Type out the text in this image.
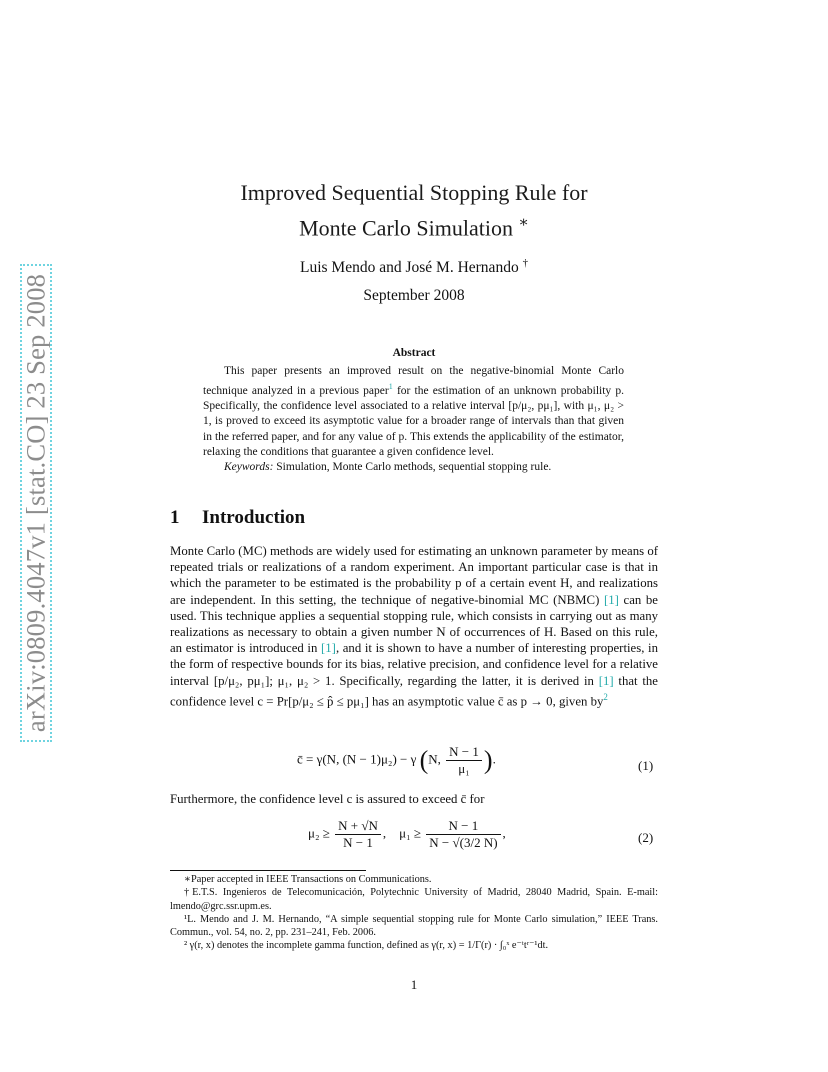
arXiv:0809.4047v1 [stat.CO] 23 Sep 2008
Improved Sequential Stopping Rule for
Monte Carlo Simulation ∗
Luis Mendo and José M. Hernando †
September 2008
Abstract

This paper presents an improved result on the negative-binomial Monte Carlo technique analyzed in a previous paper$^1$ for the estimation of an unknown probability p. Specifically, the confidence level associated to a relative interval [p/μ₂, pμ₁], with μ₁, μ₂ > 1, is proved to exceed its asymptotic value for a broader range of intervals than that given in the referred paper, and for any value of p. This extends the applicability of the estimator, relaxing the conditions that guarantee a given confidence level.

Keywords: Simulation, Monte Carlo methods, sequential stopping rule.

1 Introduction
Monte Carlo (MC) methods are widely used for estimating an unknown parameter by means of repeated trials or realizations of a random experiment. An important particular case is that in which the parameter to be estimated is the probability p of a certain event H, and realizations are independent. In this setting, the technique of negative-binomial MC (NBMC) [1] can be used. This technique applies a sequential stopping rule, which consists in carrying out as many realizations as necessary to obtain a given number N of occurrences of H. Based on this rule, an estimator is introduced in [1], and it is shown to have a number of interesting properties, in the form of respective bounds for its bias, relative precision, and confidence level for a relative interval [p/μ₂, pμ₁]; μ₁, μ₂ > 1. Specifically, regarding the latter, it is derived in [1] that the confidence level c = Pr[p/μ₂ ≤ p̂ ≤ pμ₁] has an asymptotic value c̄ as p → 0, given $by^2$
c̄ = γ(N, (N − 1)μ₂) − γ (N, $\frac{N - 1}{\text{μ₁}}$ ).	(1)
Furthermore, the confidence level c is assured to exceed c̄ for
$\mu_2 \ge \frac{N + √N}{N - 1}$ , $\mu_1 \ge \frac{N - 1}{N - √(3/2 N)}$ ,	(2)

∗Paper accepted in IEEE Transactions on Communications.

†E.T.S. Ingenieros de Telecomunicación, Polytechnic University of Madrid, 28040 Madrid, Spain. E-mail: lmendo@grc.ssr.upm.es.

¹L. Mendo and J. M. Hernando, “A simple sequential stopping rule for Monte Carlo simulation,” IEEE Trans. Commun., vol. 54, no. 2, pp. 231–241, Feb. 2006.

² γ(r, x) denotes the incomplete gamma function, defined as γ(r, x) = 1/Γ(r) · ∫₀ˣ e⁻ᵗtʳ⁻¹dt.

1
